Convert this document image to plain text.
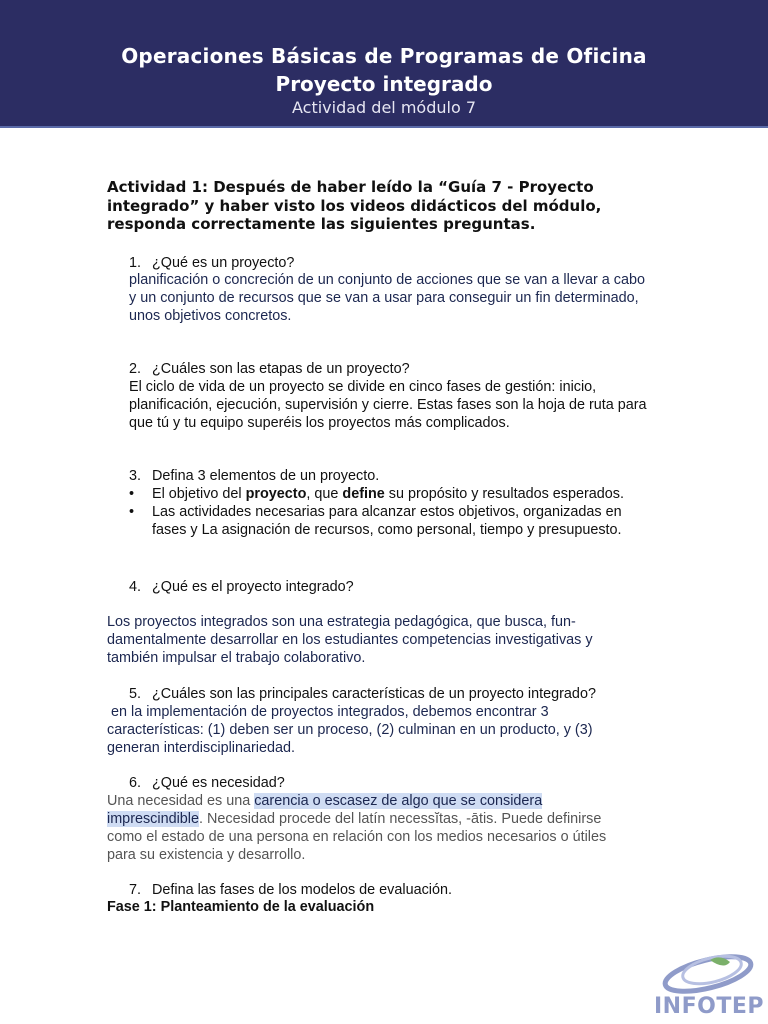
Operaciones Básicas de Programas de Oficina
Proyecto integrado
Actividad del módulo 7

Actividad 1: Después de haber leído la “Guía 7 - Proyecto integrado” y haber visto los videos didácticos del módulo, responda correctamente las siguientes preguntas.

1. ¿Qué es un proyecto?

planificación o concreción de un conjunto de acciones que se van a llevar a cabo y un conjunto de recursos que se van a usar para conseguir un fin determinado, unos objetivos concretos.

2. ¿Cuáles son las etapas de un proyecto?

El ciclo de vida de un proyecto se divide en cinco fases de gestión: inicio, planificación, ejecución, supervisión y cierre. Estas fases son la hoja de ruta para que tú y tu equipo superéis los proyectos más complicados.

3. Defina 3 elementos de un proyecto.
• El objetivo del proyecto, que define su propósito y resultados esperados.
• Las actividades necesarias para alcanzar estos objetivos, organizadas en fases y La asignación de recursos, como personal, tiempo y presupuesto.
4. ¿Qué es el proyecto integrado?
Los proyectos integrados son una estrategia pedagógica, que busca, fun-
damentalmente desarrollar en los estudiantes competencias investigativas y
también impulsar el trabajo colaborativo.
5. ¿Cuáles son las principales características de un proyecto integrado?

en la implementación de proyectos integrados, debemos encontrar 3 características: (1) deben ser un proceso, (2) culminan en un producto, y (3) generan interdisciplinariedad.

6. ¿Qué es necesidad?

Una necesidad es una carencia o escasez de algo que se considera imprescindible. Necesidad procede del latín necessĭtas, -ātis. Puede definirse como el estado de una persona en relación con los medios necesarios o útiles para su existencia y desarrollo.

7. Defina las fases de los modelos de evaluación.
Fase 1: Planteamiento de la evaluación
INFOTEP
